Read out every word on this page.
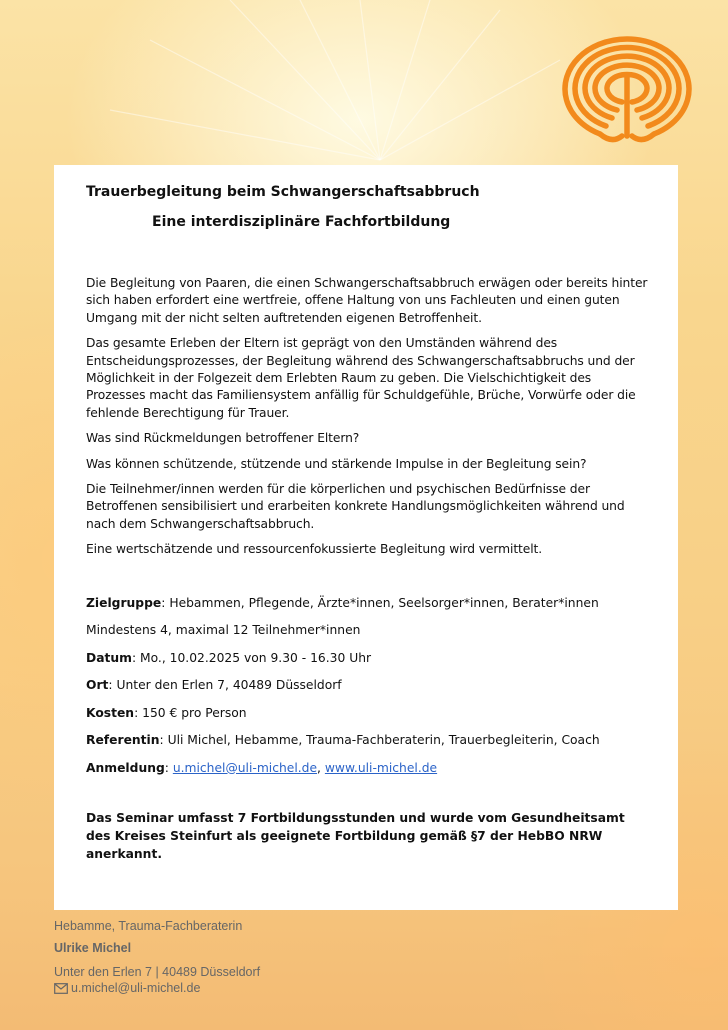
Trauerbegleitung beim Schwangerschaftsabbruch

Eine interdisziplinäre Fachfortbildung

Die Begleitung von Paaren, die einen Schwangerschaftsabbruch erwägen oder bereits hinter sich haben erfordert eine wertfreie, offene Haltung von uns Fachleuten und einen guten Umgang mit der nicht selten auftretenden eigenen Betroffenheit.

Das gesamte Erleben der Eltern ist geprägt von den Umständen während des Entscheidungsprozesses, der Begleitung während des Schwangerschaftsabbruchs und der Möglichkeit in der Folgezeit dem Erlebten Raum zu geben. Die Vielschichtigkeit des Prozesses macht das Familiensystem anfällig für Schuldgefühle, Brüche, Vorwürfe oder die fehlende Berechtigung für Trauer.

Was sind Rückmeldungen betroffener Eltern?

Was können schützende, stützende und stärkende Impulse in der Begleitung sein?

Die Teilnehmer/innen werden für die körperlichen und psychischen Bedürfnisse der Betroffenen sensibilisiert und erarbeiten konkrete Handlungsmöglichkeiten während und nach dem Schwangerschaftsabbruch.

Eine wertschätzende und ressourcenfokussierte Begleitung wird vermittelt.

Zielgruppe: Hebammen, Pflegende, Ärzte*innen, Seelsorger*innen, Berater*innen

Mindestens 4, maximal 12 Teilnehmer*innen

Datum: Mo., 10.02.2025 von 9.30 - 16.30 Uhr

Ort: Unter den Erlen 7, 40489 Düsseldorf

Kosten: 150 € pro Person

Referentin: Uli Michel, Hebamme, Trauma-Fachberaterin, Trauerbegleiterin, Coach

Anmeldung: u.michel@uli-michel.de, www.uli-michel.de

Das Seminar umfasst 7 Fortbildungsstunden und wurde vom Gesundheitsamt des Kreises Steinfurt als geeignete Fortbildung gemäß §7 der HebBO NRW anerkannt.

Hebamme, Trauma-Fachberaterin
Ulrike Michel
Unter den Erlen 7 | 40489 Düsseldorf
u.michel@uli-michel.de
